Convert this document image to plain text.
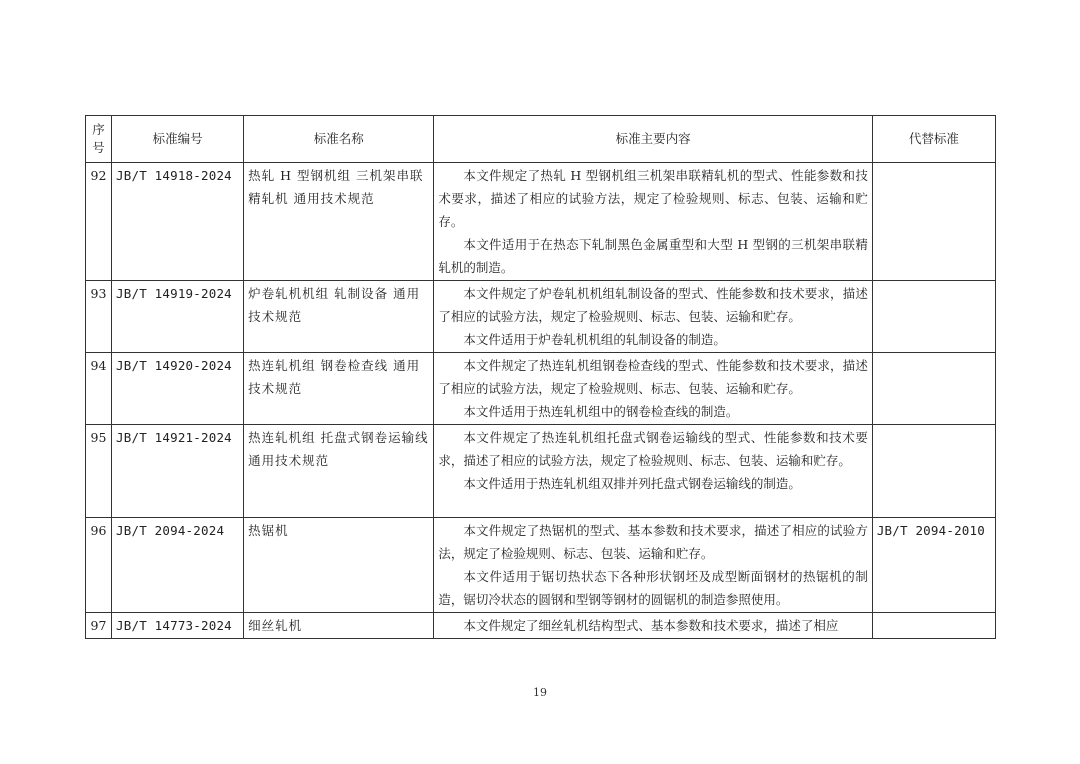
序号	标准编号	标准名称	标准主要内容	代替标准
92	JB/T 14918-2024	热轧 H 型钢机组 三机架串联精轧机 通用技术规范	本文件规定了热轧 H 型钢机组三机架串联精轧机的型式、性能参数和技术要求，描述了相应的试验方法，规定了检验规则、标志、包装、运输和贮存。

本文件适用于在热态下轧制黑色金属重型和大型 H 型钢的三机架串联精轧机的制造。	

93	JB/T 14919-2024	炉卷轧机机组 轧制设备 通用技术规范	本文件规定了炉卷轧机机组轧制设备的型式、性能参数和技术要求，描述了相应的试验方法，规定了检验规则、标志、包装、运输和贮存。

本文件适用于炉卷轧机机组的轧制设备的制造。	

94	JB/T 14920-2024	热连轧机组 钢卷检查线 通用技术规范	本文件规定了热连轧机组钢卷检查线的型式、性能参数和技术要求，描述了相应的试验方法，规定了检验规则、标志、包装、运输和贮存。

本文件适用于热连轧机组中的钢卷检查线的制造。	

95	JB/T 14921-2024	热连轧机组 托盘式钢卷运输线 通用技术规范	本文件规定了热连轧机组托盘式钢卷运输线的型式、性能参数和技术要求，描述了相应的试验方法，规定了检验规则、标志、包装、运输和贮存。

本文件适用于热连轧机组双排并列托盘式钢卷运输线的制造。	

96	JB/T 2094-2024	热锯机	本文件规定了热锯机的型式、基本参数和技术要求，描述了相应的试验方法，规定了检验规则、标志、包装、运输和贮存。

本文件适用于锯切热状态下各种形状钢坯及成型断面钢材的热锯机的制造，锯切冷状态的圆钢和型钢等钢材的圆锯机的制造参照使用。	JB/T 2094-2010
97	JB/T 14773-2024	细丝轧机	本文件规定了细丝轧机结构型式、基本参数和技术要求，描述了相应	

19
